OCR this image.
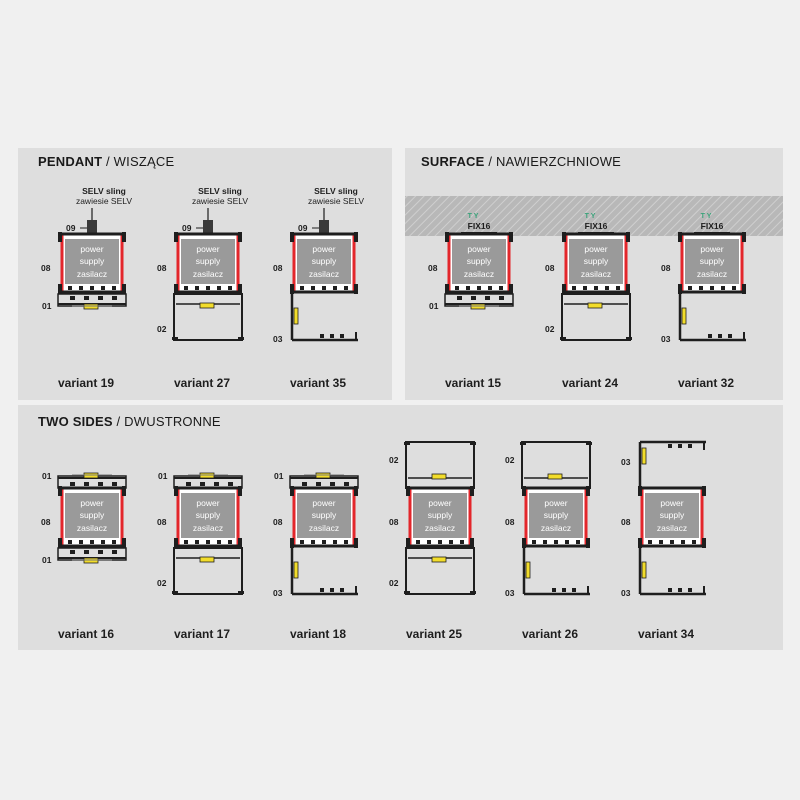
PENDANT / WISZĄCE	SURFACE / NAWIERZCHNIOWE
TWO SIDES / DWUSTRONNE
SELV sling
zawiesie SELV
09
power
supply
zasilacz
08
01
variant 19
SELV sling
zawiesie SELV
09
power
supply
zasilacz
08
02
variant 27
SELV sling
zawiesie SELV
09
power
supply
zasilacz
08
03
variant 35
T Y
FIX16
power
supply
zasilacz
08
01
variant 15
T Y
FIX16
power
supply
zasilacz
08
02
variant 24
T Y
FIX16
power
supply
zasilacz
08
03
variant 32
01
power
supply
zasilacz
08
01
variant 16
01
power
supply
zasilacz
08
02
variant 17
01
power
supply
zasilacz
08
03
variant 18
02
power
supply
zasilacz
08
02
variant 25
02
power
supply
zasilacz
08
03
variant 26
03
power
supply
zasilacz
08
03
variant 34
